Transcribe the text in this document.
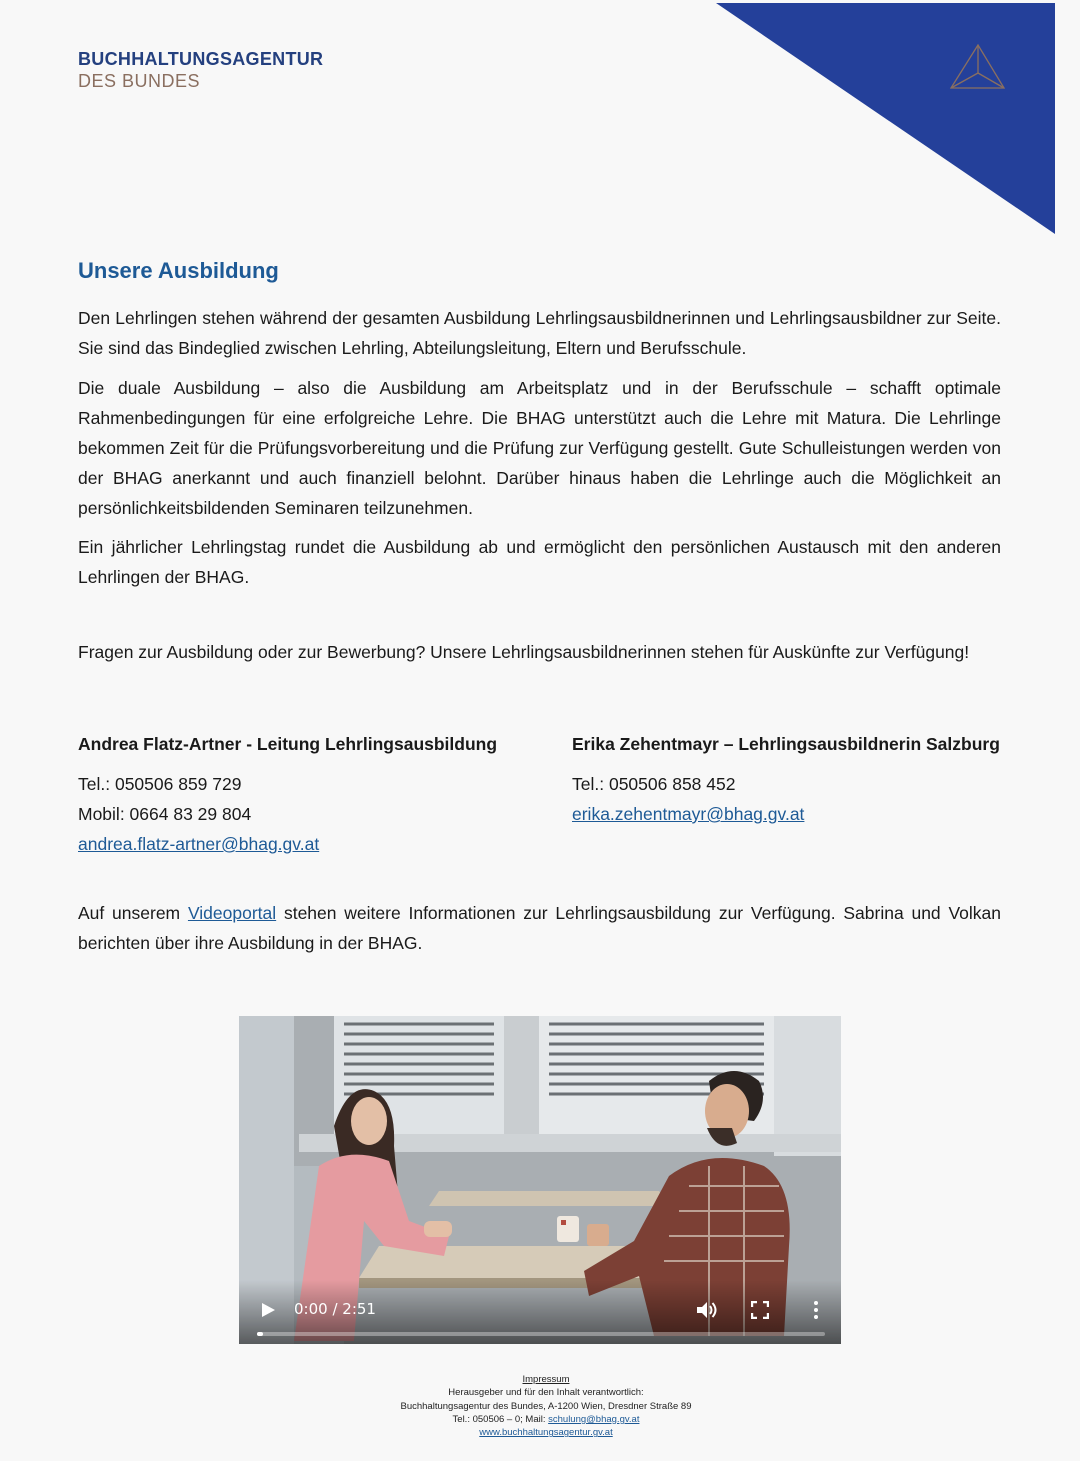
BUCHHALTUNGSAGENTUR
DES BUNDES
Unsere Ausbildung

Den Lehrlingen stehen während der gesamten Ausbildung Lehrlingsausbildnerinnen und Lehrlingsausbildner zur Seite. Sie sind das Bindeglied zwischen Lehrling, Abteilungsleitung, Eltern und Berufsschule.

Die duale Ausbildung – also die Ausbildung am Arbeitsplatz und in der Berufsschule – schafft optimale Rahmenbedingungen für eine erfolgreiche Lehre. Die BHAG unterstützt auch die Lehre mit Matura. Die Lehrlinge bekommen Zeit für die Prüfungsvorbereitung und die Prüfung zur Verfügung gestellt. Gute Schulleistungen werden von der BHAG anerkannt und auch finanziell belohnt. Darüber hinaus haben die Lehrlinge auch die Möglichkeit an persönlichkeitsbildenden Seminaren teilzunehmen.

Ein jährlicher Lehrlingstag rundet die Ausbildung ab und ermöglicht den persönlichen Austausch mit den anderen Lehrlingen der BHAG.

Fragen zur Ausbildung oder zur Bewerbung? Unsere Lehrlingsausbildnerinnen stehen für Auskünfte zur Verfügung!

Andrea Flatz-Artner - Leitung Lehrlingsausbildung
Tel.: 050506 859 729
Mobil: 0664 83 29 804
andrea.flatz-artner@bhag.gv.at
Erika Zehentmayr – Lehrlingsausbildnerin Salzburg
Tel.: 050506 858 452
erika.zehentmayr@bhag.gv.at

Auf unserem Videoportal stehen weitere Informationen zur Lehrlingsausbildung zur Verfügung. Sabrina und Volkan berichten über ihre Ausbildung in der BHAG.

0:00 / 2:51
Impressum
Herausgeber und für den Inhalt verantwortlich:
Buchhaltungsagentur des Bundes, A-1200 Wien, Dresdner Straße 89
Tel.: 050506 – 0; Mail: schulung@bhag.gv.at
www.buchhaltungsagentur.gv.at
